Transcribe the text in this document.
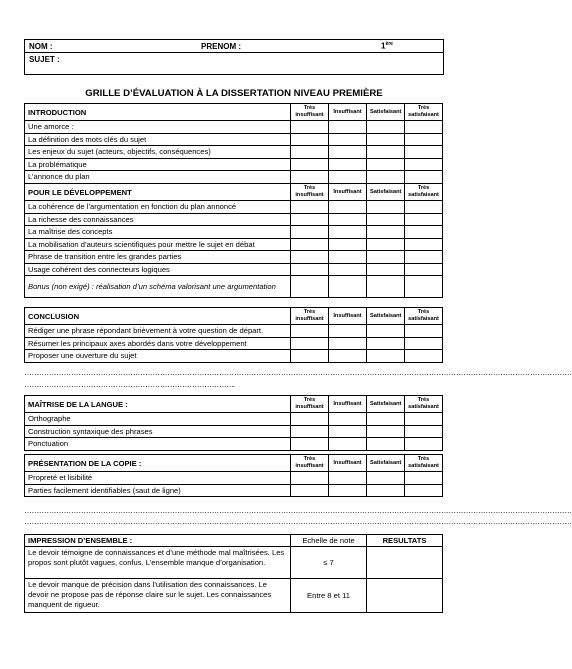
NOM :	PRENOM :	1ère
SUJET :
GRILLE D’ÉVALUATION À LA DISSERTATION NIVEAU PREMIÈRE
INTRODUCTION	Très insuffisant	Insuffisant	Satisfaisant	Très satisfaisant
Une amorce :				
La définition des mots clés du sujet				
Les enjeux du sujet (acteurs, objectifs, conséquences)				
La problématique				
L’annonce du plan				
POUR LE DÉVELOPPEMENT	Très insuffisant	Insuffisant	Satisfaisant	Très satisfaisant
La cohérence de l’argumentation en fonction du plan annoncé				
La richesse des connaissances				
La maîtrise des concepts				
La mobilisation d’auteurs scientifiques pour mettre le sujet en débat				
Phrase de transition entre les grandes parties				
Usage cohérent des connecteurs logiques				
Bonus (non exigé) : réalisation d’un schéma valorisant une argumentation				
CONCLUSION	Très insuffisant	Insuffisant	Satisfaisant	Très satisfaisant
Rédiger une phrase répondant brièvement à votre question de départ.				
Résumer les principaux axes abordés dans votre développement				
Proposer une ouverture du sujet				
……………………………………………………………………………………………………………………………………………………………………………………………………
…………………………………………………………………………..
MAÎTRISE DE LA LANGUE :	Très insuffisant	Insuffisant	Satisfaisant	Très satisfaisant
Orthographe				
Construction syntaxique des phrases				
Ponctuation				
PRÉSENTATION DE LA COPIE :	Très insuffisant	Insuffisant	Satisfaisant	Très satisfaisant
Propreté et lisibilité				
Parties facilement identifiables (saut de ligne)				
……………………………………………………………………………………………………………………………………………………………………………………………………
……………………………………………………………………………………………………………………………………………………………………………………………………
IMPRESSION D’ENSEMBLE :	Echelle de note	RESULTATS
Le devoir témoigne de connaissances et d’une méthode mal maîtrisées. Les propos sont plutôt vagues, confus. L’ensemble manque d’organisation.	≤ 7	
Le devoir manque de précision dans l’utilisation des connaissances. Le devoir ne propose pas de réponse claire sur le sujet. Les connaissances manquent de rigueur.	Entre 8 et 11	
